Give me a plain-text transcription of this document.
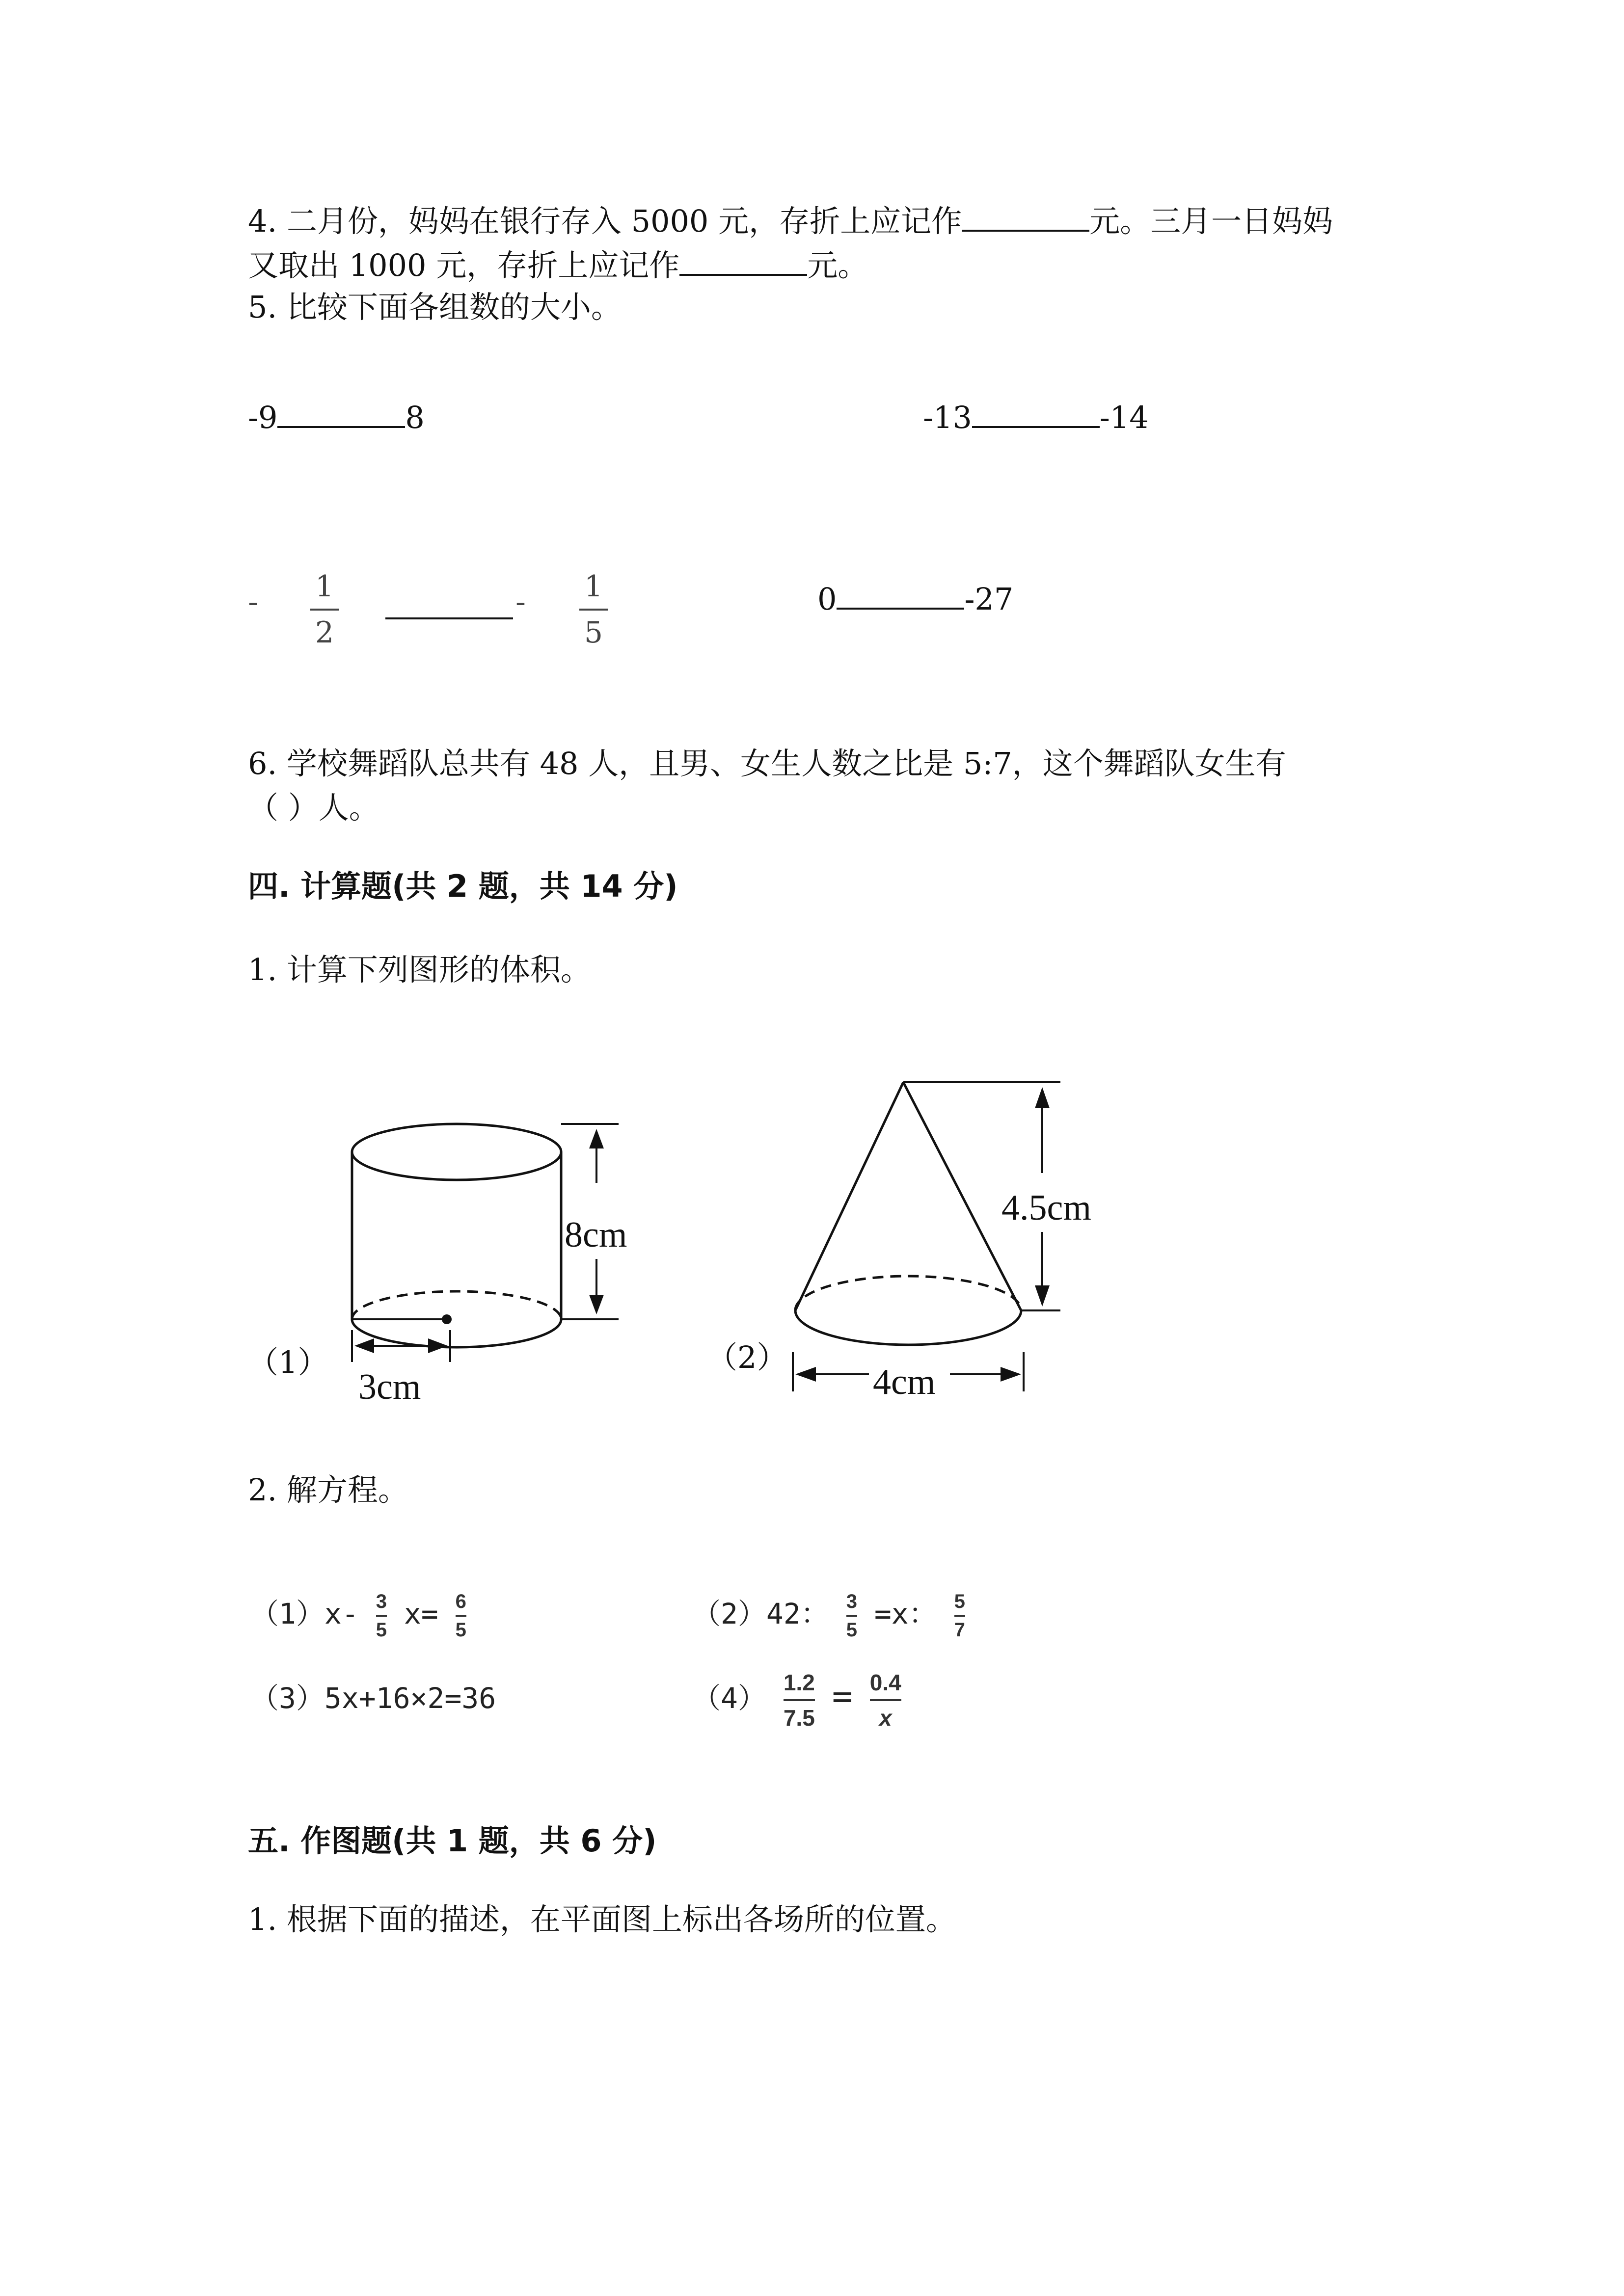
4. 二月份，妈妈在银行存入 5000 元，存折上应记作	元。三月一日妈妈
又取出 1000 元，存折上应记作	元。
5. 比较下面各组数的大小。
-9	8	-13	-14
- 1
2
- 1
5
0	-27
6. 学校舞蹈队总共有 48 人，且男、女生人数之比是 5:7，这个舞蹈队女生有
（ ）人。
四. 计算题(共 2 题，共 14 分)
1. 计算下列图形的体积。
8cm
3cm
（1）
4.5cm
4cm
（2）
2. 解方程。
$(1)x- \frac{3}{5} x= \frac{6}{5}$	（2）42： $\frac{3}{5} =x$： $\frac{5}{7}$
（3）5x+16×2=36	$(4) \frac{1.2}{7.5} = \frac{0.4}{x}$
五. 作图题(共 1 题，共 6 分)
1. 根据下面的描述，在平面图上标出各场所的位置。
